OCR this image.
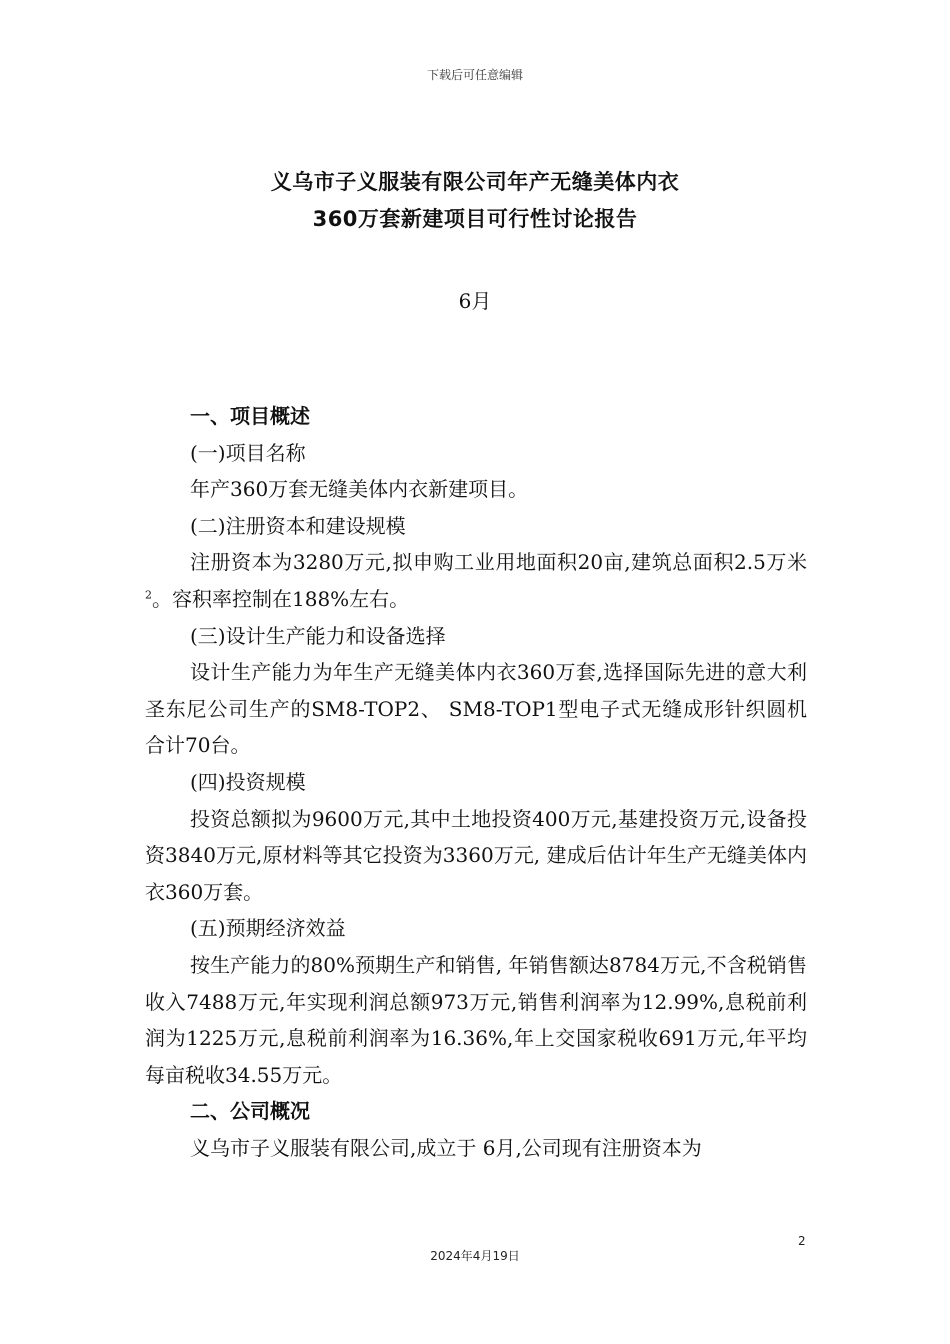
下载后可任意编辑
义乌市子义服装有限公司年产无缝美体内衣
360万套新建项目可行性讨论报告
6月

一、项目概述

(一)项目名称

年产360万套无缝美体内衣新建项目。

(二)注册资本和建设规模

注册资本为3280万元,拟申购工业用地面积20亩,建筑总面积2.5万米$^2$。容积率控制在188%左右。

(三)设计生产能力和设备选择

设计生产能力为年生产无缝美体内衣360万套,选择国际先进的意大利圣东尼公司生产的SM8-TOP2、 SM8-TOP1型电子式无缝成形针织圆机合计70台。

(四)投资规模

投资总额拟为9600万元,其中土地投资400万元,基建投资万元,设备投资3840万元,原材料等其它投资为3360万元, 建成后估计年生产无缝美体内衣360万套。

(五)预期经济效益

按生产能力的80%预期生产和销售, 年销售额达8784万元,不含税销售收入7488万元,年实现利润总额973万元,销售利润率为12.99%,息税前利润为1225万元,息税前利润率为16.36%,年上交国家税收691万元,年平均每亩税收34.55万元。

二、公司概况

义乌市子义服装有限公司,成立于 6月,公司现有注册资本为

2
2024年4月19日
